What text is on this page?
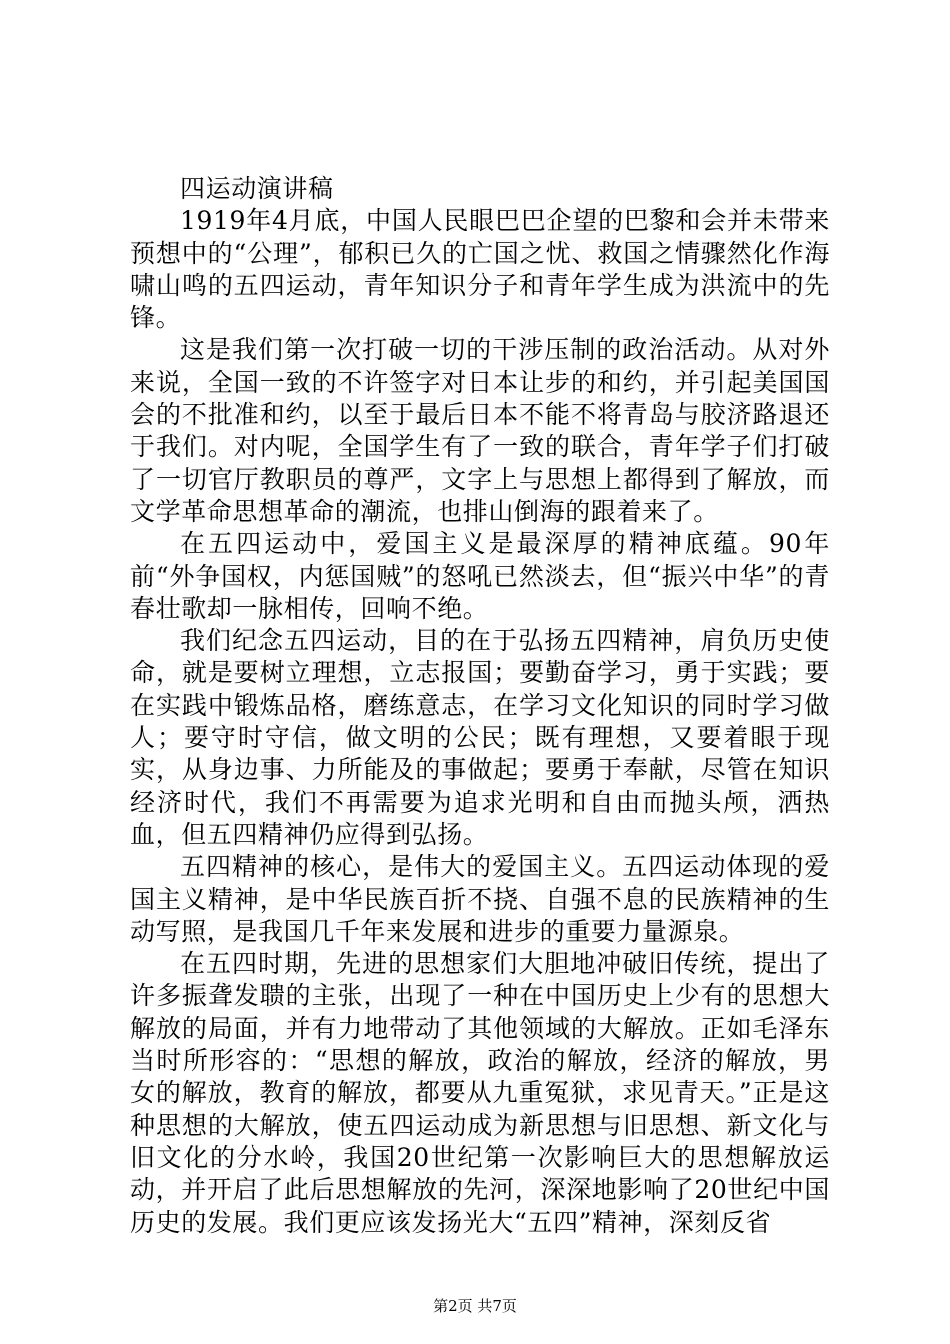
四运动演讲稿

1919年4月底，中国人民眼巴巴企望的巴黎和会并未带来预想中的“公理”，郁积已久的亡国之忧、救国之情骤然化作海啸山鸣的五四运动，青年知识分子和青年学生成为洪流中的先锋。

这是我们第一次打破一切的干涉压制的政治活动。从对外来说，全国一致的不许签字对日本让步的和约，并引起美国国会的不批准和约，以至于最后日本不能不将青岛与胶济路退还于我们。对内呢，全国学生有了一致的联合，青年学子们打破了一切官厅教职员的尊严，文字上与思想上都得到了解放，而文学革命思想革命的潮流，也排山倒海的跟着来了。

在五四运动中，爱国主义是最深厚的精神底蕴。90年前“外争国权，内惩国贼”的怒吼已然淡去，但“振兴中华”的青春壮歌却一脉相传，回响不绝。

我们纪念五四运动，目的在于弘扬五四精神，肩负历史使命，就是要树立理想，立志报国；要勤奋学习，勇于实践；要在实践中锻炼品格，磨练意志，在学习文化知识的同时学习做人；要守时守信，做文明的公民；既有理想，又要着眼于现实，从身边事、力所能及的事做起；要勇于奉献，尽管在知识经济时代，我们不再需要为追求光明和自由而抛头颅，洒热血，但五四精神仍应得到弘扬。

五四精神的核心，是伟大的爱国主义。五四运动体现的爱国主义精神，是中华民族百折不挠、自强不息的民族精神的生动写照，是我国几千年来发展和进步的重要力量源泉。

在五四时期，先进的思想家们大胆地冲破旧传统，提出了许多振聋发聩的主张，出现了一种在中国历史上少有的思想大解放的局面，并有力地带动了其他领域的大解放。正如毛泽东当时所形容的：“思想的解放，政治的解放，经济的解放，男女的解放，教育的解放，都要从九重冤狱，求见青天。”正是这种思想的大解放，使五四运动成为新思想与旧思想、新文化与旧文化的分水岭，我国20世纪第一次影响巨大的思想解放运动，并开启了此后思想解放的先河，深深地影响了20世纪中国历史的发展。我们更应该发扬光大“五四”精神，深刻反省

第2页 共7页
